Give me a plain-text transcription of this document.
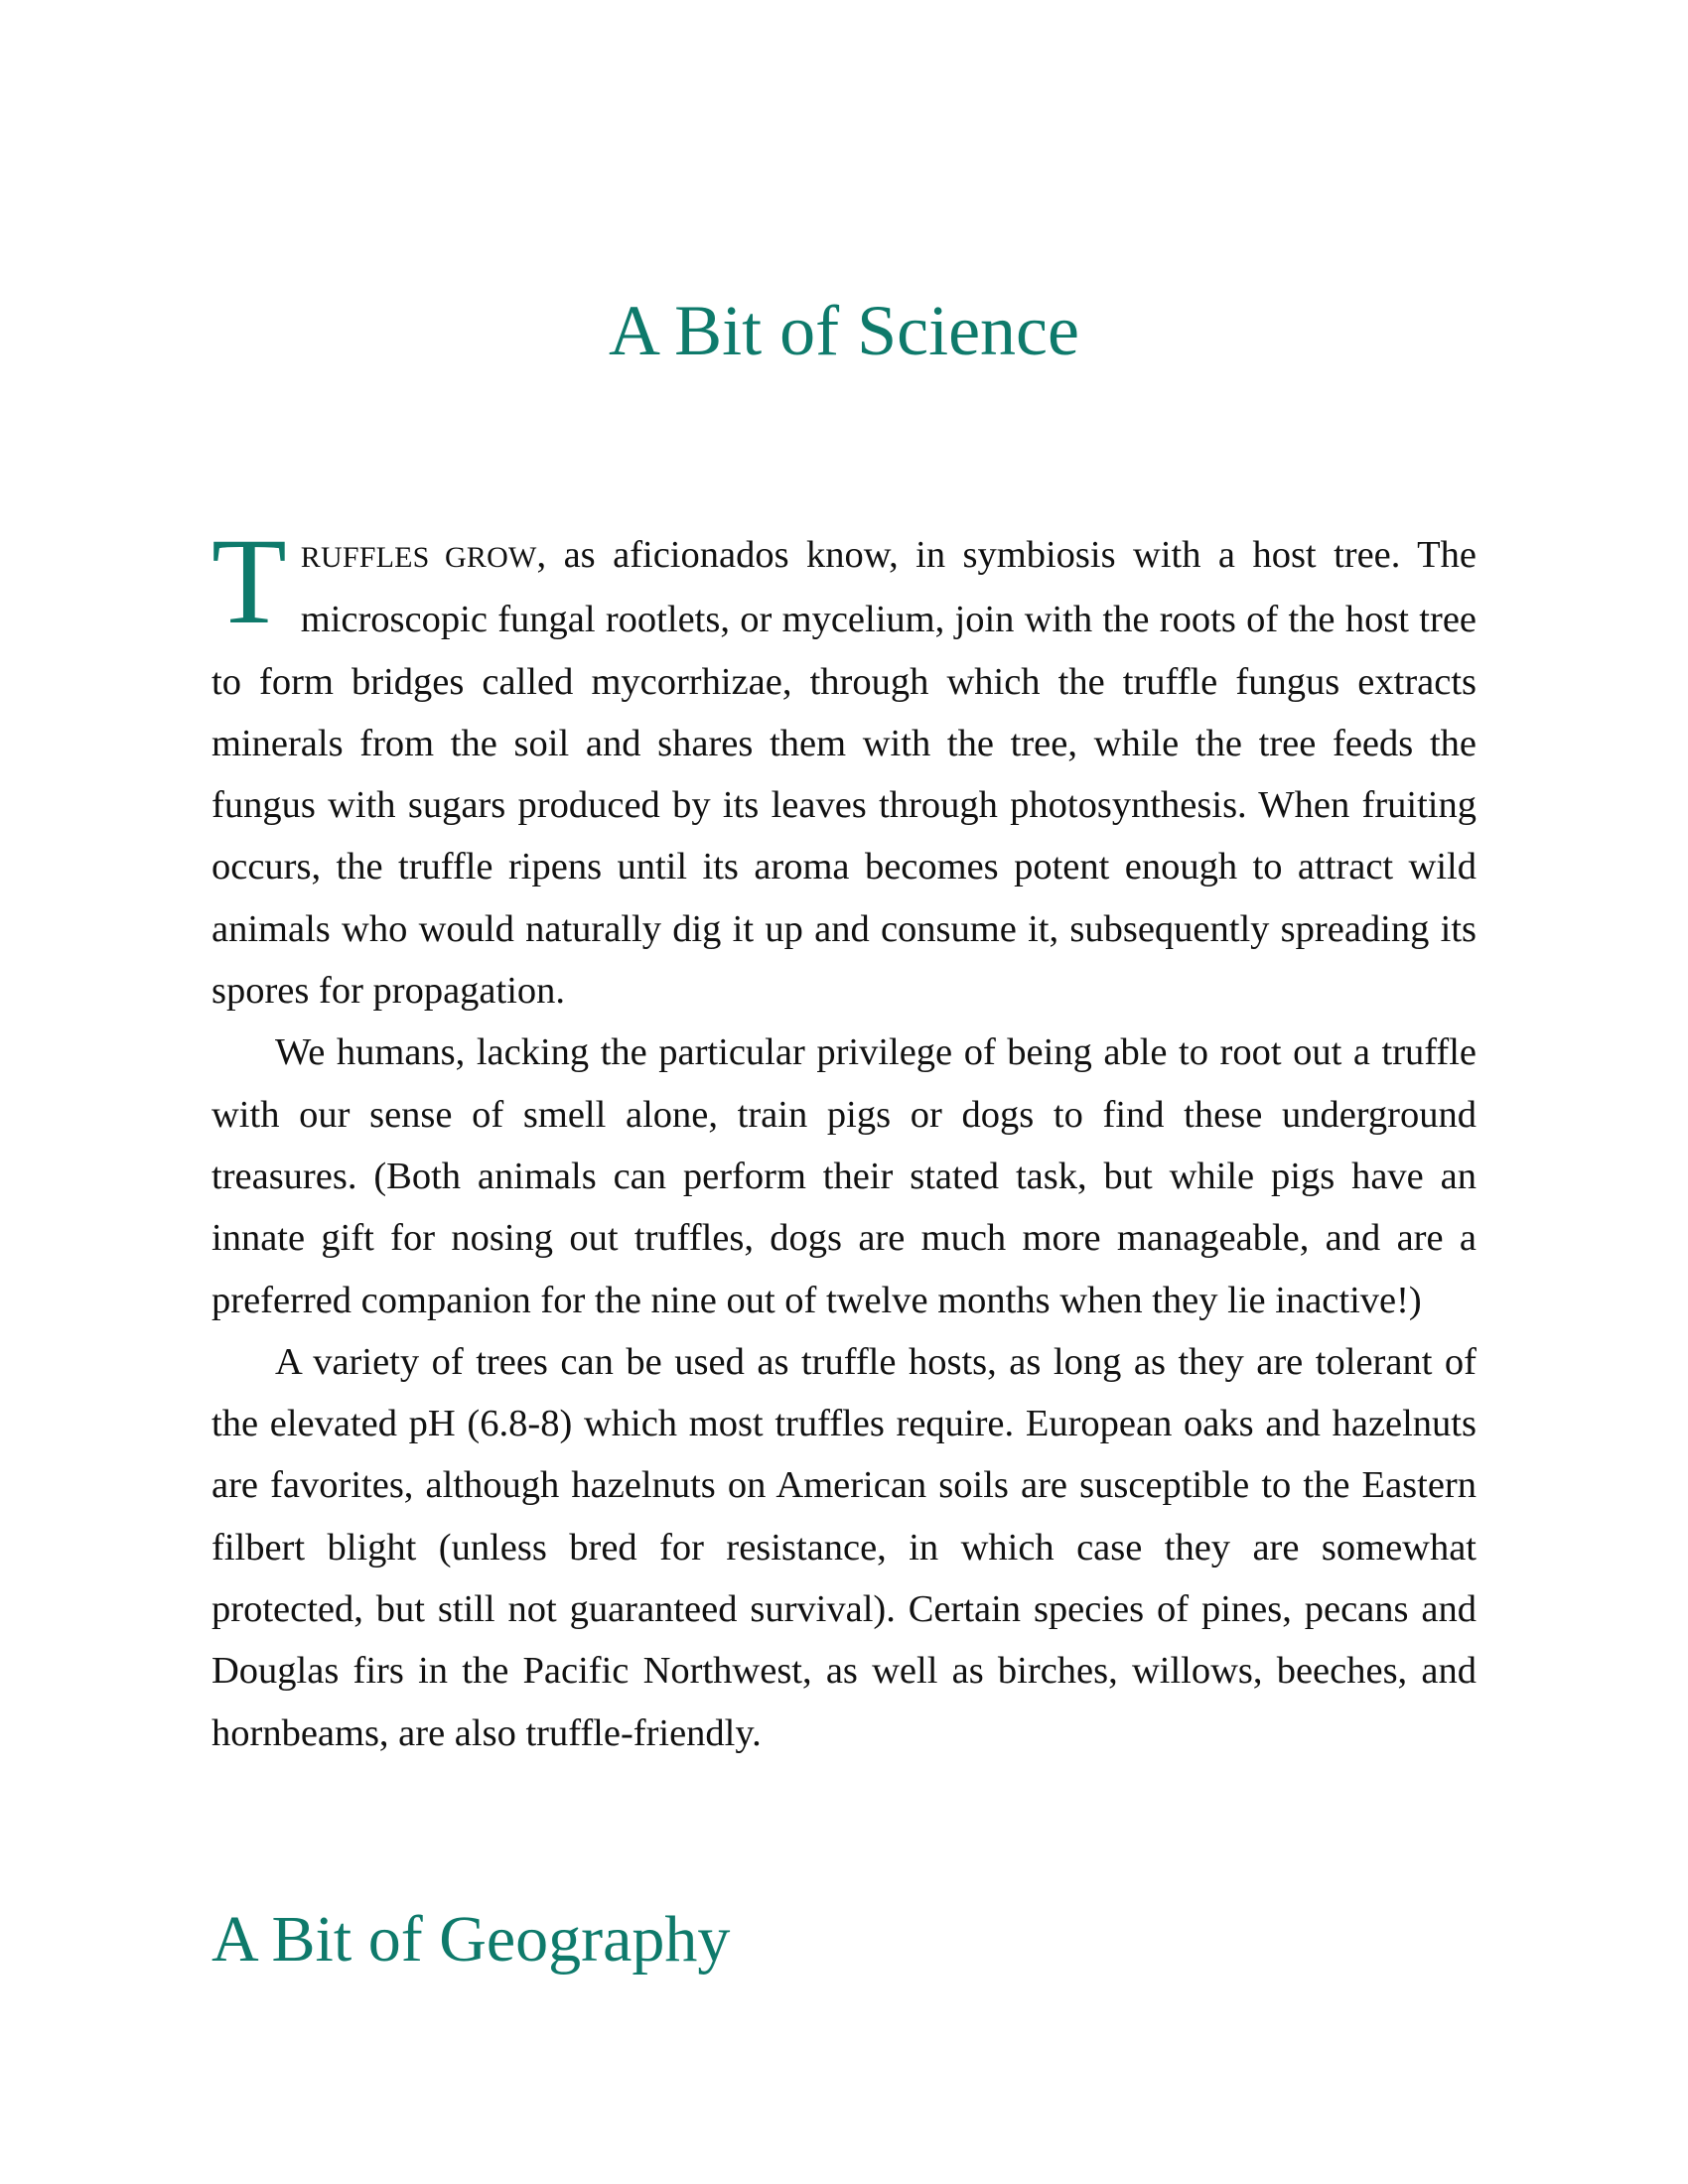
A Bit of Science

TRUFFLES GROW, as aficionados know, in symbiosis with a host tree. The microscopic fungal rootlets, or mycelium, join with the roots of the host tree to form bridges called mycorrhizae, through which the truffle fungus extracts minerals from the soil and shares them with the tree, while the tree feeds the fungus with sugars produced by its leaves through photosynthesis. When fruiting occurs, the truffle ripens until its aroma becomes potent enough to attract wild animals who would naturally dig it up and consume it, subsequently spreading its spores for propagation.

We humans, lacking the particular privilege of being able to root out a truffle with our sense of smell alone, train pigs or dogs to find these underground treasures. (Both animals can perform their stated task, but while pigs have an innate gift for nosing out truffles, dogs are much more manageable, and are a preferred companion for the nine out of twelve months when they lie inactive!)

A variety of trees can be used as truffle hosts, as long as they are tolerant of the elevated pH (6.8-8) which most truffles require. European oaks and hazelnuts are favorites, although hazelnuts on American soils are susceptible to the Eastern filbert blight (unless bred for resistance, in which case they are somewhat protected, but still not guaranteed survival). Certain species of pines, pecans and Douglas firs in the Pacific Northwest, as well as birches, willows, beeches, and hornbeams, are also truffle-friendly.

A Bit of Geography
